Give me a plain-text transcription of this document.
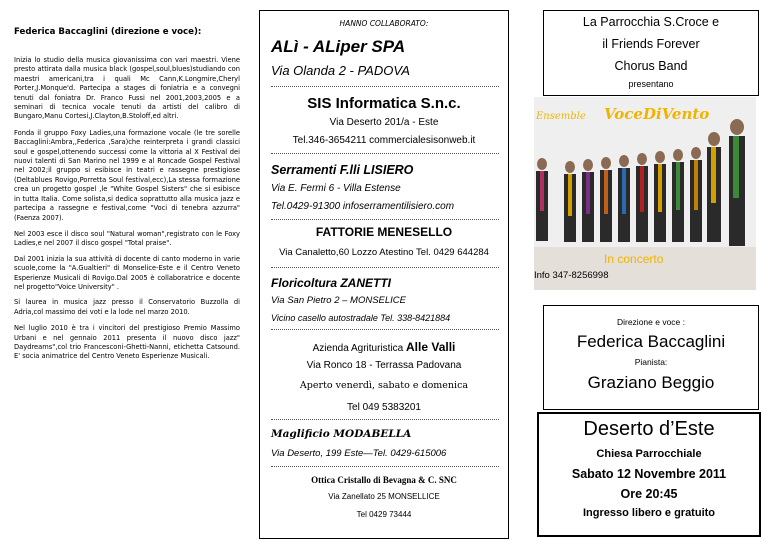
Federica Baccaglini (direzione e voce):

Inizia lo studio della musica giovanissima con vari maestri. Viene presto attirata dalla musica black (gospel,soul,blues)studiando con maestri americani,tra i quali Mc Cann,K.Longmire,Cheryl Porter,J.Monque'd. Partecipa a stages di foniatria e a convegni tenuti dal foniatra Dr. Franco Fussi nel 2001,2003,2005 e a seminari di tecnica vocale tenuti da artisti del calibro di Bungaro,Manu Cortesi,J.Clayton,B.Stoloff,ed altri.

Fonda il gruppo Foxy Ladies,una formazione vocale (le tre sorelle Baccaglini:Ambra,,Federica ,Sara)che reinterpreta i grandi classici soul e gospel,ottenendo successi come la vittoria al X Festival dei nuovi talenti di San Marino nel 1999 e al Roncade Gospel Festival nel 2002;il gruppo si esibisce in teatri e rassegne prestigiose (Deltablues Rovigo,Porretta Soul festival,ecc),La stessa formazione crea un progetto gospel ,le "White Gospel Sisters" che si esibisce in tutta Italia. Come solista,si dedica soprattutto alla musica jazz e partecipa a rassegne e festival,come "Voci di tenebra azzurra"(Faenza 2007).

Nel 2003 esce il disco soul "Natural woman",registrato con le Foxy Ladies,e nel 2007 il disco gospel "Total praise".

Dal 2001 inizia la sua attività di docente di canto moderno in varie scuole,come la "A.Gualtieri" di Monselice-Este e il Centro Veneto Esperienze Musicali di Rovigo.Dal 2005 è collaboratrice e docente nel progetto"Voice University" .

Si laurea in musica jazz presso il Conservatorio Buzzolla di Adria,col massimo dei voti e la lode nel marzo 2010.

Nel luglio 2010 è tra i vincitori del prestigioso Premio Massimo Urbani e nel gennaio 2011 presenta il nuovo disco jazz" Daydreams",col trio Francesconi-Ghetti-Nanni, etichetta Catsound. E' socia animatrice del Centro Veneto Esperienze Musicali.

HANNO COLLABORATO:
ALì - ALiper SPA
Via Olanda 2 - PADOVA
SIS Informatica S.n.c.
Via Deserto 201/a - Este
Tel.346-3654211 commercialesisonweb.it
Serramenti F.lli LISIERO
Via E. Fermi 6 - Villa Estense
Tel.0429-91300 infoserramentilisiero.com
FATTORIE MENESELLO
Via Canaletto,60 Lozzo Atestino Tel. 0429 644284
Floricoltura ZANETTI
Via San Pietro 2 – MONSELICE
Vicino casello autostradale Tel. 338-8421884
Azienda Agrituristica Alle Valli
Via Ronco 18 - Terrassa Padovana
Aperto venerdì, sabato e domenica
Tel 049 5383201
Maglificio MODABELLA
Via Deserto, 199 Este—Tel. 0429-615006
Ottica Cristallo di Bevagna & C. SNC
Via Zanellato 25 MONSELLICE
Tel 0429 73444
La Parrocchia S.Croce e
il Friends Forever
Chorus Band
presentano
Ensemble VoceDiVento
In concerto
Info 347-8256998
Direzione e voce :
Federica Baccaglini
Pianista:
Graziano Beggio
Deserto d’Este
Chiesa Parrocchiale
Sabato 12 Novembre 2011
Ore 20:45
Ingresso libero e gratuito
